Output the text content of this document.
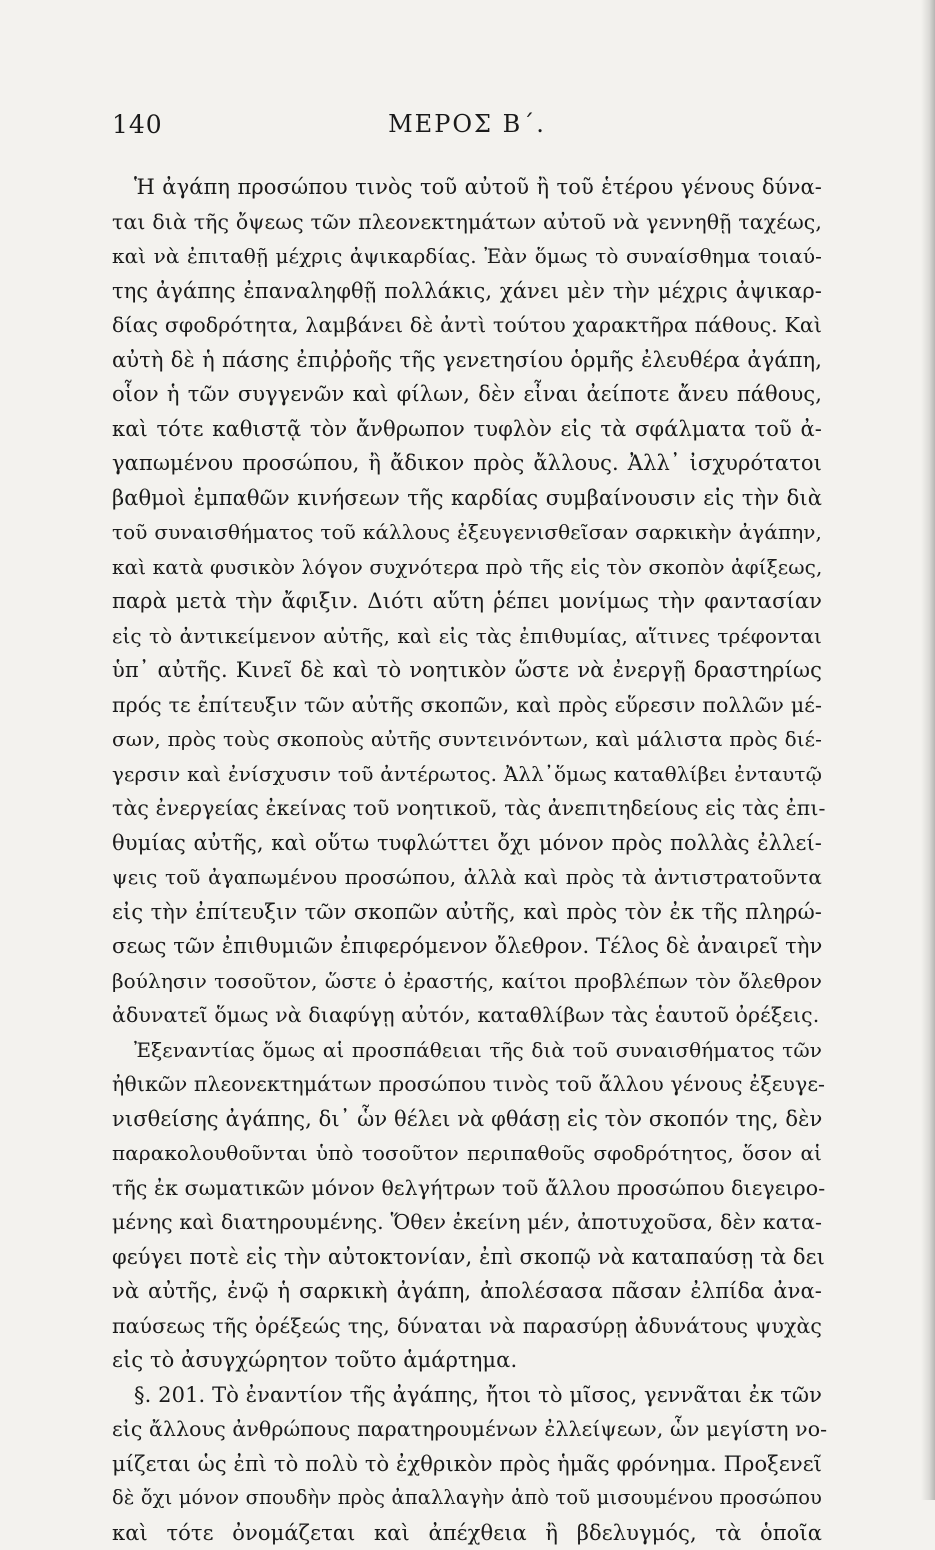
140	ΜΕΡΟΣ Β΄.
Ἡ ἀγάπη προσώπου τινὸς τοῦ αὐτοῦ ἢ τοῦ ἑτέρου γένους δύνα-
ται διὰ τῆς ὄψεως τῶν πλεονεκτημάτων αὐτοῦ νὰ γεννηθῇ ταχέως,
καὶ νὰ ἐπιταθῇ μέχρις ἀψικαρδίας. Ἐὰν ὅμως τὸ συναίσθημα τοιαύ-
της ἀγάπης ἐπαναληφθῇ πολλάκις, χάνει μὲν τὴν μέχρις ἀψικαρ-
δίας σφοδρότητα, λαμβάνει δὲ ἀντὶ τούτου χαρακτῆρα πάθους. Καὶ
αὐτὴ δὲ ἡ πάσης ἐπιῤῥοῆς τῆς γενετησίου ὁρμῆς ἐλευθέρα ἀγάπη,
οἷον ἡ τῶν συγγενῶν καὶ φίλων, δὲν εἶναι ἀείποτε ἄνευ πάθους,
καὶ τότε καθιστᾷ τὸν ἄνθρωπον τυφλὸν εἰς τὰ σφάλματα τοῦ ἀ-
γαπωμένου προσώπου, ἢ ἄδικον πρὸς ἄλλους. Ἀλλ᾽ ἰσχυρότατοι
βαθμοὶ ἐμπαθῶν κινήσεων τῆς καρδίας συμβαίνουσιν εἰς τὴν διὰ
τοῦ συναισθήματος τοῦ κάλλους ἐξευγενισθεῖσαν σαρκικὴν ἀγάπην,
καὶ κατὰ φυσικὸν λόγον συχνότερα πρὸ τῆς εἰς τὸν σκοπὸν ἀφίξεως,
παρὰ μετὰ τὴν ἄφιξιν. Διότι αὕτη ῥέπει μονίμως τὴν φαντασίαν
εἰς τὸ ἀντικείμενον αὐτῆς, καὶ εἰς τὰς ἐπιθυμίας, αἵτινες τρέφονται
ὑπ᾽ αὐτῆς. Κινεῖ δὲ καὶ τὸ νοητικὸν ὥστε νὰ ἐνεργῇ δραστηρίως
πρός τε ἐπίτευξιν τῶν αὐτῆς σκοπῶν, καὶ πρὸς εὕρεσιν πολλῶν μέ-
σων, πρὸς τοὺς σκοποὺς αὐτῆς συντεινόντων, καὶ μάλιστα πρὸς διέ-
γερσιν καὶ ἐνίσχυσιν τοῦ ἀντέρωτος. Ἀλλ᾽ὅμως καταθλίβει ἐνταυτῷ
τὰς ἐνεργείας ἐκείνας τοῦ νοητικοῦ, τὰς ἀνεπιτηδείους εἰς τὰς ἐπι-
θυμίας αὐτῆς, καὶ οὕτω τυφλώττει ὄχι μόνον πρὸς πολλὰς ἐλλεί-
ψεις τοῦ ἀγαπωμένου προσώπου, ἀλλὰ καὶ πρὸς τὰ ἀντιστρατοῦντα
εἰς τὴν ἐπίτευξιν τῶν σκοπῶν αὐτῆς, καὶ πρὸς τὸν ἐκ τῆς πληρώ-
σεως τῶν ἐπιθυμιῶν ἐπιφερόμενον ὄλεθρον. Τέλος δὲ ἀναιρεῖ τὴν
βούλησιν τοσοῦτον, ὥστε ὁ ἐραστής, καίτοι προβλέπων τὸν ὄλεθρον
ἀδυνατεῖ ὅμως νὰ διαφύγῃ αὐτόν, καταθλίβων τὰς ἑαυτοῦ ὀρέξεις.
Ἐξεναντίας ὅμως αἱ προσπάθειαι τῆς διὰ τοῦ συναισθήματος τῶν
ἠθικῶν πλεονεκτημάτων προσώπου τινὸς τοῦ ἄλλου γένους ἐξευγε-
νισθείσης ἀγάπης, δι᾽ ὧν θέλει νὰ φθάσῃ εἰς τὸν σκοπόν της, δὲν
παρακολουθοῦνται ὑπὸ τοσοῦτον περιπαθοῦς σφοδρότητος, ὅσον αἱ
τῆς ἐκ σωματικῶν μόνον θελγήτρων τοῦ ἄλλου προσώπου διεγειρο-
μένης καὶ διατηρουμένης. Ὅθεν ἐκείνη μέν, ἀποτυχοῦσα, δὲν κατα-
φεύγει ποτὲ εἰς τὴν αὐτοκτονίαν, ἐπὶ σκοπῷ νὰ καταπαύσῃ τὰ δει
νὰ αὐτῆς, ἐνῷ ἡ σαρκικὴ ἀγάπη, ἀπολέσασα πᾶσαν ἐλπίδα ἀνα-
παύσεως τῆς ὀρέξεώς της, δύναται νὰ παρασύρῃ ἀδυνάτους ψυχὰς
εἰς τὸ ἀσυγχώρητον τοῦτο ἁμάρτημα.
§. 201. Τὸ ἐναντίον τῆς ἀγάπης, ἤτοι τὸ μῖσος, γεννᾶται ἐκ τῶν
εἰς ἄλλους ἀνθρώπους παρατηρουμένων ἐλλείψεων, ὧν μεγίστη νο-
μίζεται ὡς ἐπὶ τὸ πολὺ τὸ ἐχθρικὸν πρὸς ἡμᾶς φρόνημα. Προξενεῖ
δὲ ὄχι μόνον σπουδὴν πρὸς ἀπαλλαγὴν ἀπὸ τοῦ μισουμένου προσώπου
καὶ τότε ὀνομάζεται καὶ ἀπέχθεια ἢ βδελυγμός, τὰ ὁποῖα
